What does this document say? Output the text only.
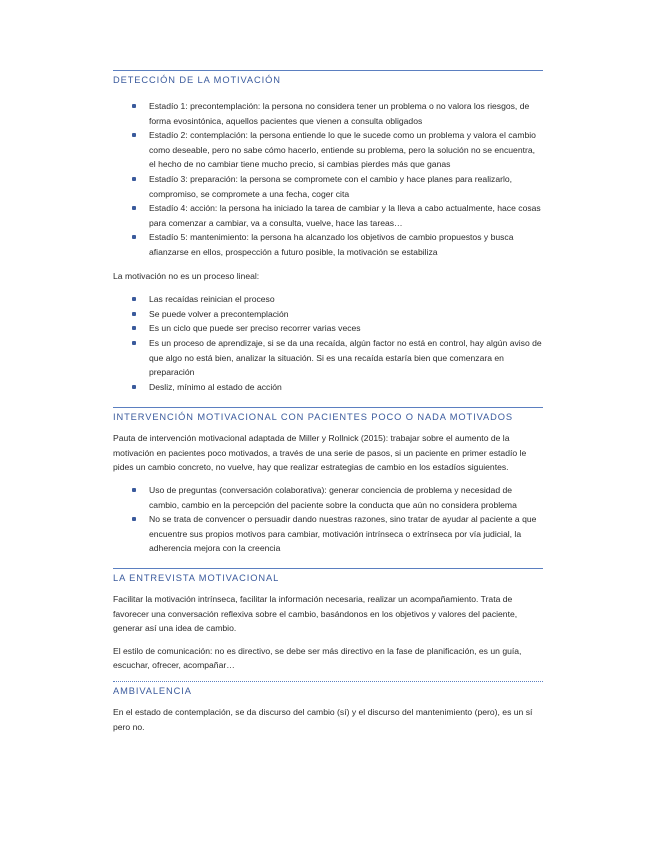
DETECCIÓN DE LA MOTIVACIÓN
Estadío 1: precontemplación: la persona no considera tener un problema o no valora los riesgos, de forma evosintónica, aquellos pacientes que vienen a consulta obligados
Estadío 2: contemplación: la persona entiende lo que le sucede como un problema y valora el cambio como deseable, pero no sabe cómo hacerlo, entiende su problema, pero la solución no se encuentra, el hecho de no cambiar tiene mucho precio, si cambias pierdes más que ganas
Estadío 3: preparación: la persona se compromete con el cambio y hace planes para realizarlo, compromiso, se compromete a una fecha, coger cita
Estadío 4: acción: la persona ha iniciado la tarea de cambiar y la lleva a cabo actualmente, hace cosas para comenzar a cambiar, va a consulta, vuelve, hace las tareas…
Estadío 5: mantenimiento: la persona ha alcanzado los objetivos de cambio propuestos y busca afianzarse en ellos, prospección a futuro posible, la motivación se estabiliza

La motivación no es un proceso lineal:

Las recaídas reinician el proceso
Se puede volver a precontemplación
Es un ciclo que puede ser preciso recorrer varias veces
Es un proceso de aprendizaje, si se da una recaída, algún factor no está en control, hay algún aviso de que algo no está bien, analizar la situación. Si es una recaída estaría bien que comenzara en preparación
Desliz, mínimo al estado de acción
INTERVENCIÓN MOTIVACIONAL CON PACIENTES POCO O NADA MOTIVADOS

Pauta de intervención motivacional adaptada de Miller y Rollnick (2015): trabajar sobre el aumento de la motivación en pacientes poco motivados, a través de una serie de pasos, si un paciente en primer estadío le pides un cambio concreto, no vuelve, hay que realizar estrategias de cambio en los estadíos siguientes.

Uso de preguntas (conversación colaborativa): generar conciencia de problema y necesidad de cambio, cambio en la percepción del paciente sobre la conducta que aún no considera problema
No se trata de convencer o persuadir dando nuestras razones, sino tratar de ayudar al paciente a que encuentre sus propios motivos para cambiar, motivación intrínseca o extrínseca por vía judicial, la adherencia mejora con la creencia
LA ENTREVISTA MOTIVACIONAL

Facilitar la motivación intrínseca, facilitar la información necesaria, realizar un acompañamiento. Trata de favorecer una conversación reflexiva sobre el cambio, basándonos en los objetivos y valores del paciente, generar así una idea de cambio.

El estilo de comunicación: no es directivo, se debe ser más directivo en la fase de planificación, es un guía, escuchar, ofrecer, acompañar…

AMBIVALENCIA

En el estado de contemplación, se da discurso del cambio (sí) y el discurso del mantenimiento (pero), es un sí pero no.
